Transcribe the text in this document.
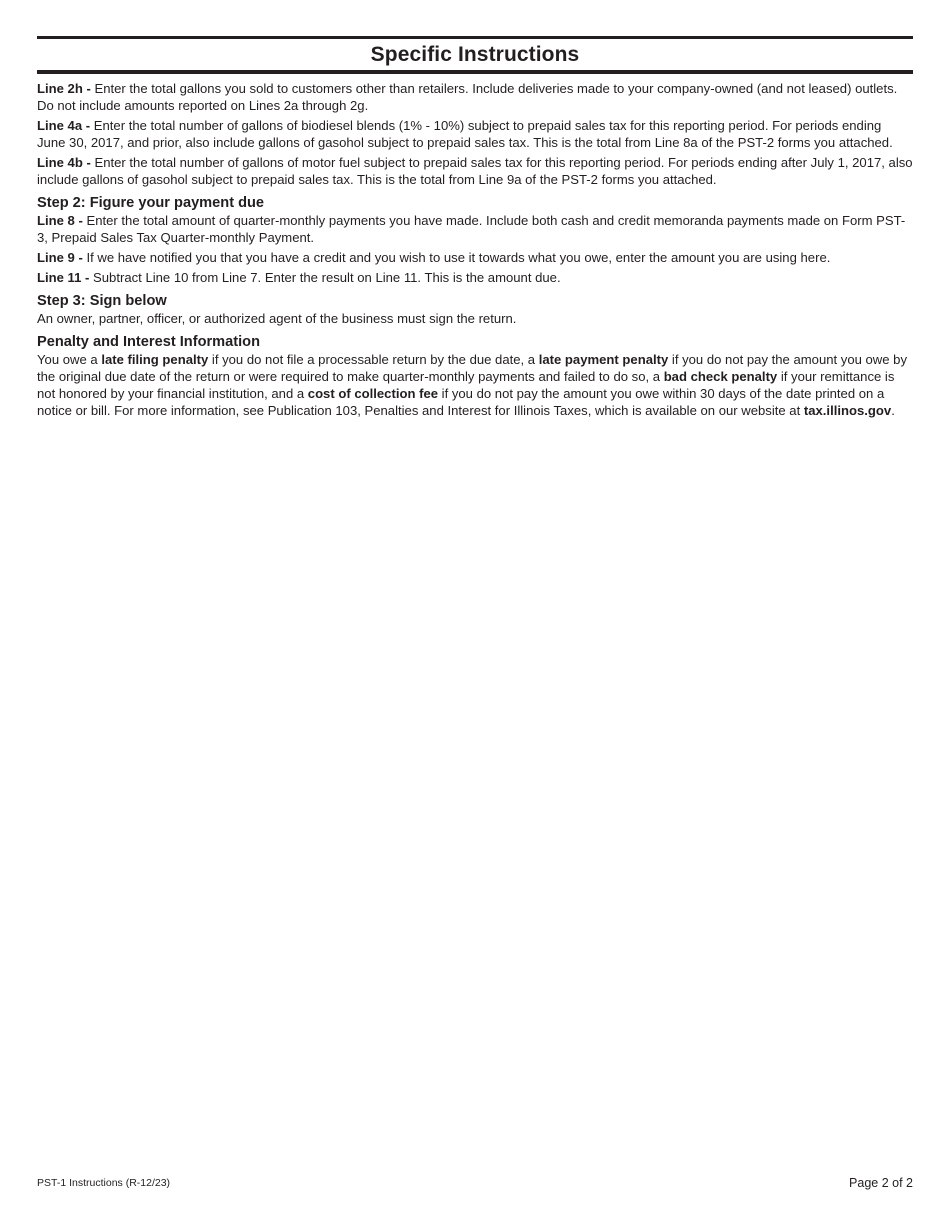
Specific Instructions

Line 2h - Enter the total gallons you sold to customers other than retailers. Include deliveries made to your company-owned (and not leased) outlets. Do not include amounts reported on Lines 2a through 2g.

Line 4a - Enter the total number of gallons of biodiesel blends (1% - 10%) subject to prepaid sales tax for this reporting period. For periods ending June 30, 2017, and prior, also include gallons of gasohol subject to prepaid sales tax. This is the total from Line 8a of the PST-2 forms you attached.

Line 4b - Enter the total number of gallons of motor fuel subject to prepaid sales tax for this reporting period. For periods ending after July 1, 2017, also include gallons of gasohol subject to prepaid sales tax. This is the total from Line 9a of the PST-2 forms you attached.

Step 2: Figure your payment due

Line 8 - Enter the total amount of quarter-monthly payments you have made. Include both cash and credit memoranda payments made on Form PST-3, Prepaid Sales Tax Quarter-monthly Payment.

Line 9 - If we have notified you that you have a credit and you wish to use it towards what you owe, enter the amount you are using here.

Line 11 - Subtract Line 10 from Line 7. Enter the result on Line 11. This is the amount due.

Step 3: Sign below

An owner, partner, officer, or authorized agent of the business must sign the return.

Penalty and Interest Information

You owe a late filing penalty if you do not file a processable return by the due date, a late payment penalty if you do not pay the amount you owe by the original due date of the return or were required to make quarter-monthly payments and failed to do so, a bad check penalty if your remittance is not honored by your financial institution, and a cost of collection fee if you do not pay the amount you owe within 30 days of the date printed on a notice or bill. For more information, see Publication 103, Penalties and Interest for Illinois Taxes, which is available on our website at tax.illinos.gov.

PST-1 Instructions (R-12/23)	Page 2 of 2
